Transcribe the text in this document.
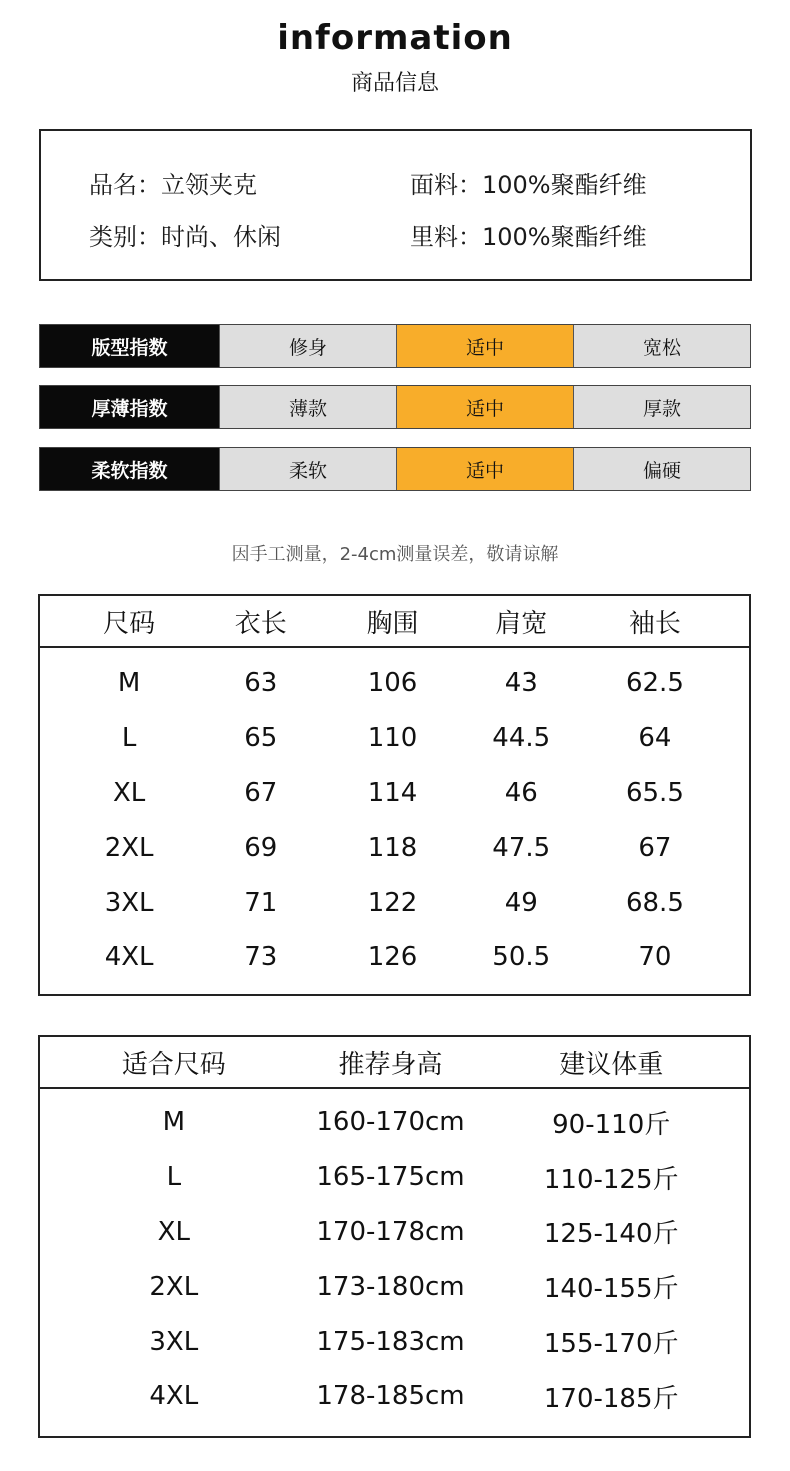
information
商品信息
品名：立领夹克	面料：100%聚酯纤维
类别：时尚、休闲	里料：100%聚酯纤维
版型指数	修身	适中	宽松
厚薄指数	薄款	适中	厚款
柔软指数	柔软	适中	偏硬
因手工测量，2-4cm测量误差，敬请谅解
尺码	衣长	胸围	肩宽	袖长
M	63	106	43	62.5
L	65	110	44.5	64
XL	67	114	46	65.5
2XL	69	118	47.5	67
3XL	71	122	49	68.5
4XL	73	126	50.5	70
适合尺码	推荐身高	建议体重
M	160-170cm	90-110斤
L	165-175cm	110-125斤
XL	170-178cm	125-140斤
2XL	173-180cm	140-155斤
3XL	175-183cm	155-170斤
4XL	178-185cm	170-185斤
